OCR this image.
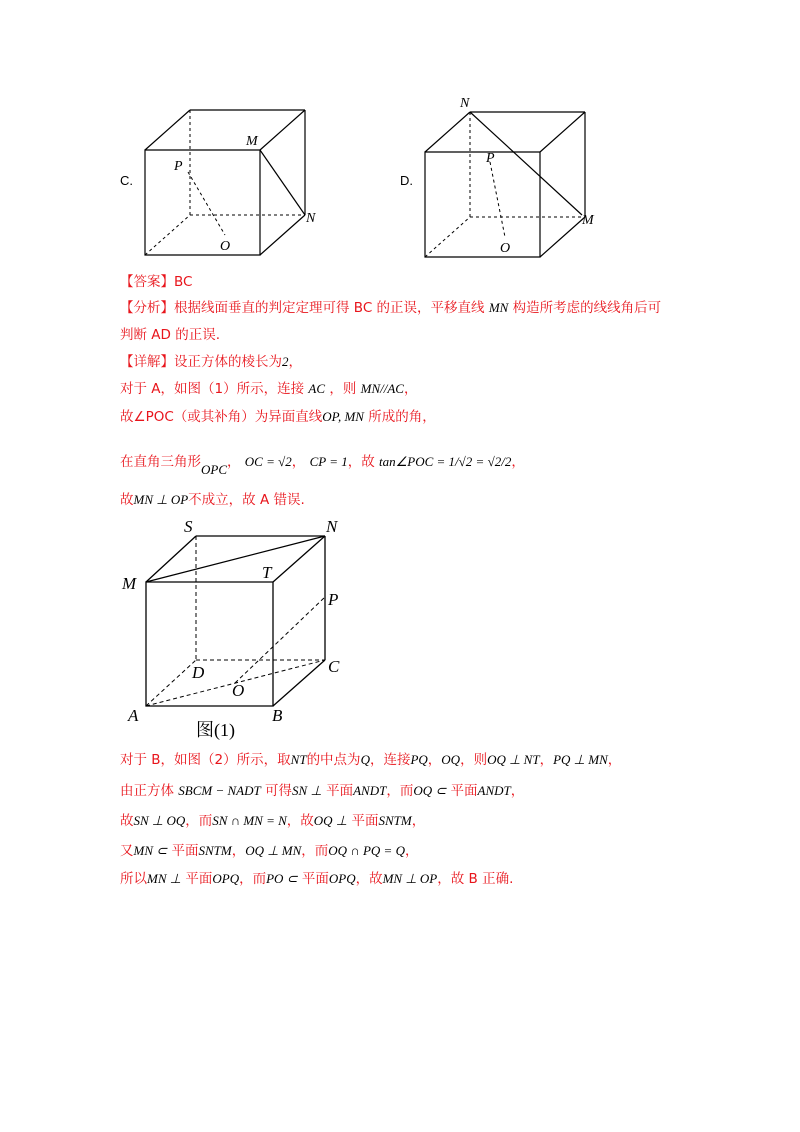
C.
M
P
N
O
D.
N
P
M
O
【答案】BC
【分析】根据线面垂直的判定定理可得 BC 的正误，平移直线 MN 构造所考虑的线线角后可
判断 AD 的正误.
【详解】设正方体的棱长为2，
对于 A，如图（1）所示，连接 AC ，则 MN//AC，
故∠POC（或其补角）为异面直线OP, MN 所成的角，
在直角三角形OPC， OC = √2， CP = 1，故 tan∠POC = 1/√2 = √2/2，
故MN ⊥ OP不成立，故 A 错误.
S	N
M
T
P
D	C
O
A	B
图(1)
对于 B，如图（2）所示，取NT的中点为Q，连接PQ，OQ，则OQ ⊥ NT，PQ ⊥ MN，
由正方体 SBCM − NADT 可得SN ⊥ 平面ANDT，而OQ ⊂ 平面ANDT，
故SN ⊥ OQ，而SN ∩ MN = N，故OQ ⊥ 平面SNTM，
又MN ⊂ 平面SNTM，OQ ⊥ MN，而OQ ∩ PQ = Q，
所以MN ⊥ 平面OPQ，而PO ⊂ 平面OPQ，故MN ⊥ OP，故 B 正确.
